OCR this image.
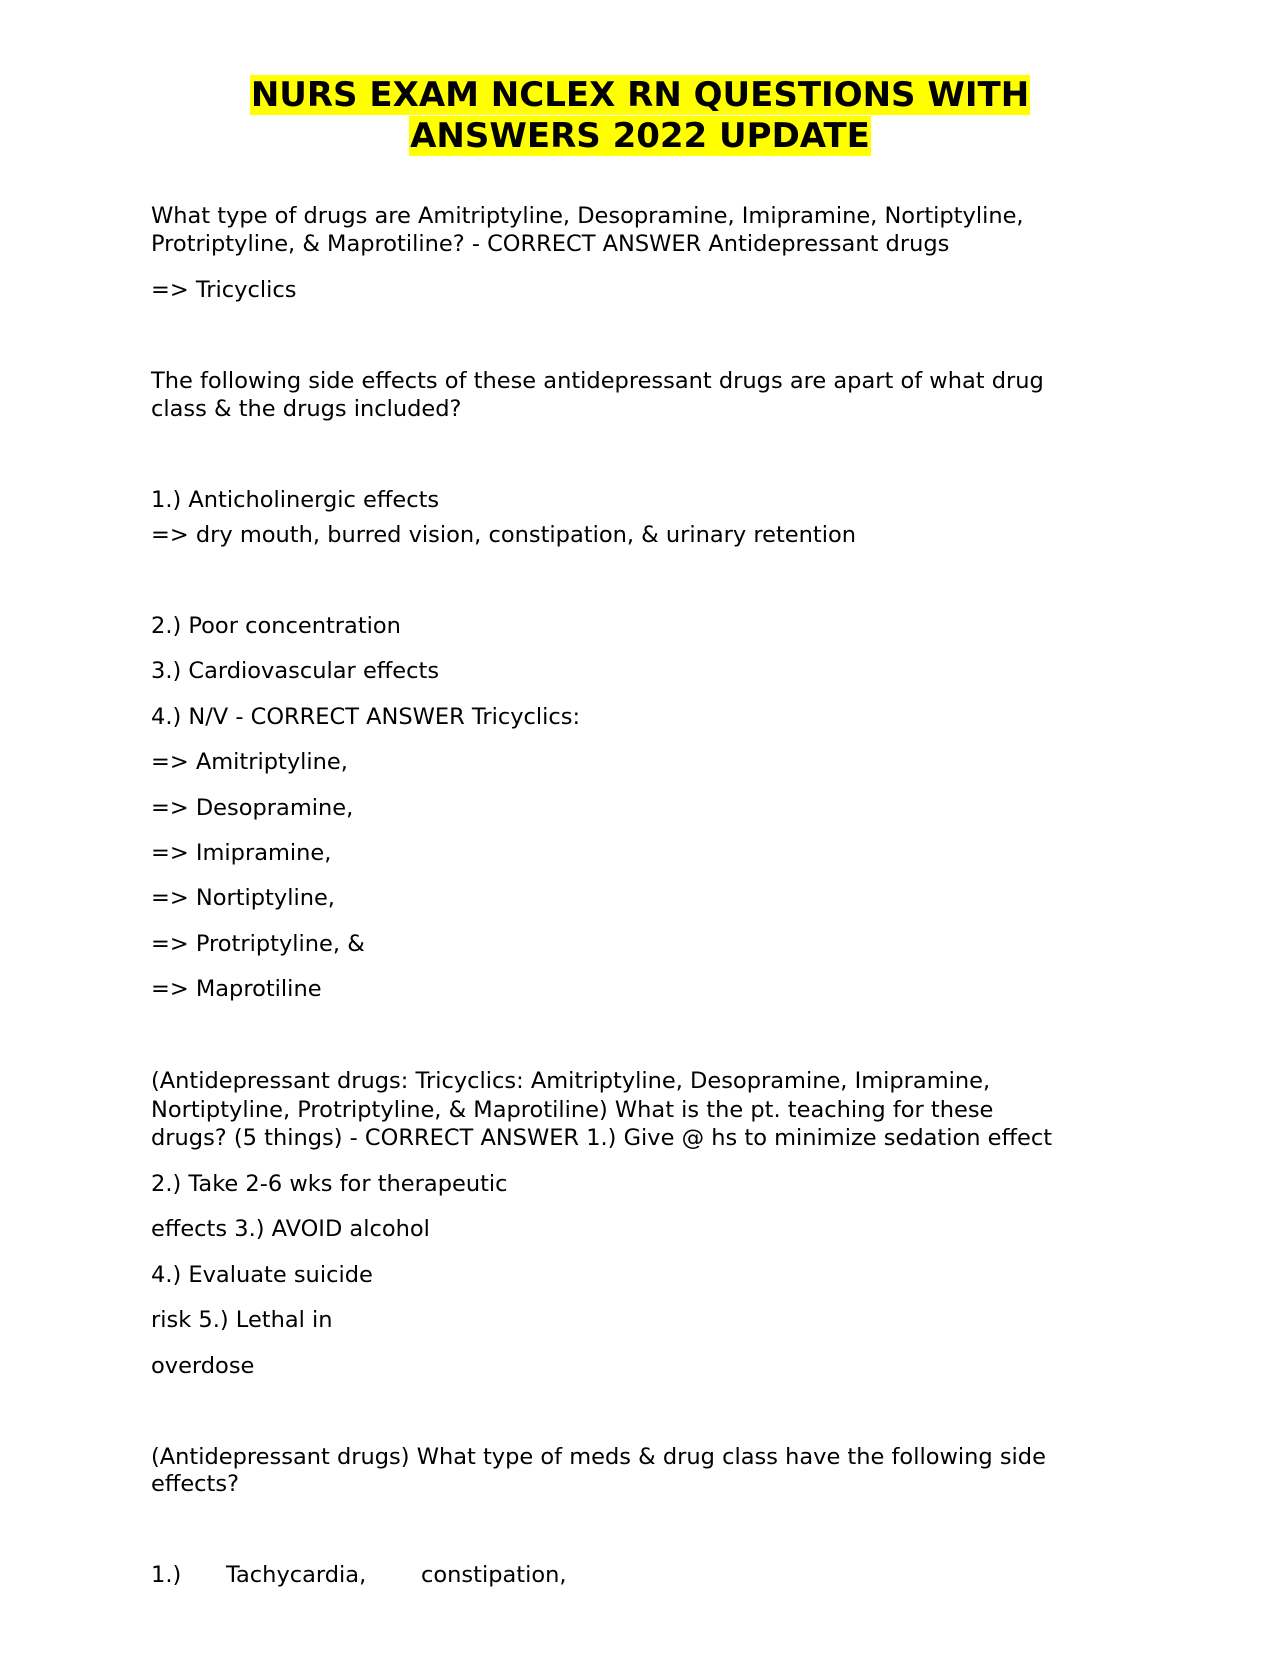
NURS EXAM NCLEX RN QUESTIONS WITH
ANSWERS 2022 UPDATE
What type of drugs are Amitriptyline, Desopramine, Imipramine, Nortiptyline,
Protriptyline, & Maprotiline? - CORRECT ANSWER Antidepressant drugs
=> Tricyclics
The following side effects of these antidepressant drugs are apart of what drug
class & the drugs included?
1.) Anticholinergic effects
=> dry mouth, burred vision, constipation, & urinary retention
2.) Poor concentration
3.) Cardiovascular effects
4.) N/V - CORRECT ANSWER Tricyclics:
=> Amitriptyline,
=> Desopramine,
=> Imipramine,
=> Nortiptyline,
=> Protriptyline, &
=> Maprotiline
(Antidepressant drugs: Tricyclics: Amitriptyline, Desopramine, Imipramine,
Nortiptyline, Protriptyline, & Maprotiline) What is the pt. teaching for these
drugs? (5 things) - CORRECT ANSWER 1.) Give @ hs to minimize sedation effect
2.) Take 2-6 wks for therapeutic
effects 3.) AVOID alcohol
4.) Evaluate suicide
risk 5.) Lethal in
overdose
(Antidepressant drugs) What type of meds & drug class have the following side
effects?
1.) Tachycardia, constipation,
